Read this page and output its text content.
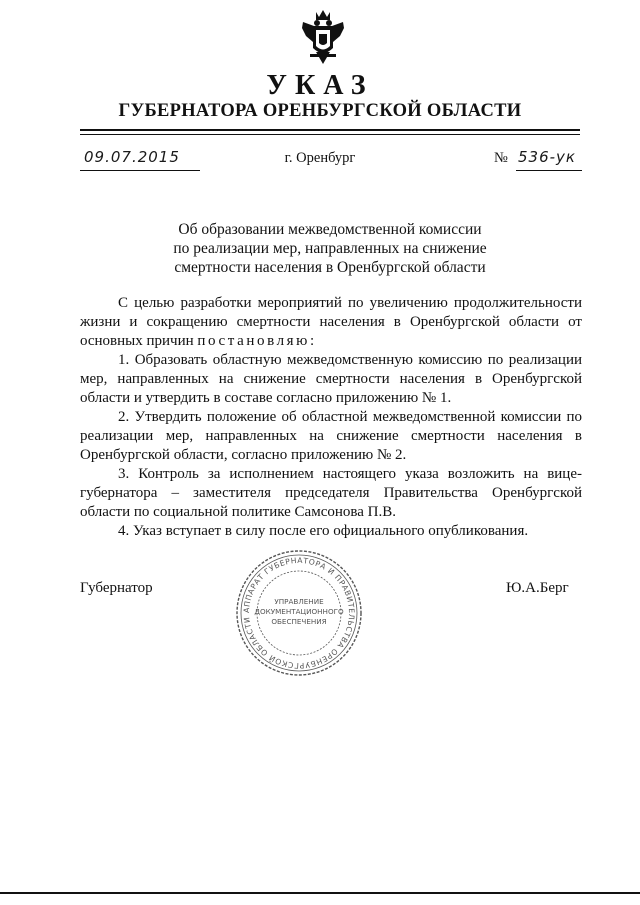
УКАЗ
ГУБЕРНАТОРА ОРЕНБУРГСКОЙ ОБЛАСТИ
09.07.2015	г. Оренбург	№ 536-ук
Об образовании межведомственной комиссии
по реализации мер, направленных на снижение
смертности населения в Оренбургской области

С целью разработки мероприятий по увеличению продолжительности жизни и сокращению смертности населения в Оренбургской области от основных причин постановляю:

1. Образовать областную межведомственную комиссию по реализации мер, направленных на снижение смертности населения в Оренбургской области и утвердить в составе согласно приложению № 1.

2. Утвердить положение об областной межведомственной комиссии по реализации мер, направленных на снижение смертности населения в Оренбургской области, согласно приложению № 2.

3. Контроль за исполнением настоящего указа возложить на вице-губернатора – заместителя председателя Правительства Оренбургской области по социальной политике Самсонова П.В.

4. Указ вступает в силу после его официального опубликования.

Губернатор	Ю.А.Берг
АППАРАТ ГУБЕРНАТОРА И ПРАВИТЕЛЬСТВА ОРЕНБУРГСКОЙ ОБЛАСТИ
УПРАВЛЕНИЕ
ДОКУМЕНТАЦИОННОГО
ОБЕСПЕЧЕНИЯ
